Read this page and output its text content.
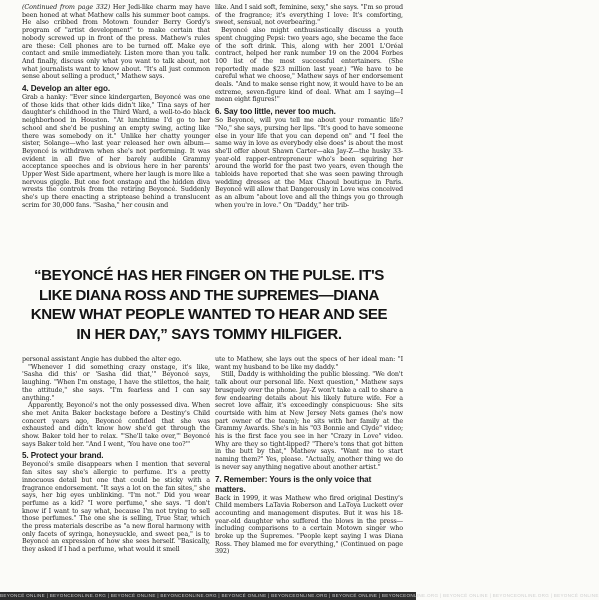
(Continued from page 332) Her Jedi-like charm may have been honed at what Mathew calls his summer boot camps. He also cribbed from Motown founder Berry Gordy's program of "artist development" to make certain that nobody screwed up in front of the press. Mathew's rules are these: Cell phones are to be turned off. Make eye contact and smile immediately. Listen more than you talk. And finally, discuss only what you want to talk about, not what journalists want to know about. "It's all just common sense about selling a product," Mathew says.

4. Develop an alter ego.

Grab a hanky: "Ever since kindergarten, Beyoncé was one of those kids that other kids didn't like," Tina says of her daughter's childhood in the Third Ward, a well-to-do black neighborhood in Houston. "At lunchtime I'd go to her school and she'd be pushing an empty swing, acting like there was somebody on it." Unlike her chatty younger sister, Solange—who last year released her own album—Beyoncé is withdrawn when she's not performing. It was evident in all five of her barely audible Grammy acceptance speeches and is obvious here in her parents' Upper West Side apartment, where her laugh is more like a nervous giggle. But one foot onstage and the hidden diva wrests the controls from the retiring Beyoncé. Suddenly she's up there enacting a striptease behind a translucent scrim for 30,000 fans. "Sasha," her cousin and

like. And I said soft, feminine, sexy," she says. "I'm so proud of the fragrance; it's everything I love: It's comforting, sweet, sensual, not overbearing."

Beyoncé also might enthusiastically discuss a youth spent chugging Pepsi: two years ago, she became the face of the soft drink. This, along with her 2001 L'Oréal contract, helped her rank number 19 on the 2004 Forbes 100 list of the most successful entertainers. (She reportedly made $23 million last year.) "We have to be careful what we choose," Mathew says of her endorsement deals. "And to make sense right now, it would have to be an extreme, seven-figure kind of deal. What am I saying—I mean eight figures!"

6. Say too little, never too much.

So Beyoncé, will you tell me about your romantic life? "No," she says, pursing her lips. "It's good to have someone else in your life that you can depend on" and "I feel the same way in love as everybody else does" is about the most she'll offer about Shawn Carter—aka Jay-Z—the husky 33-year-old rapper-entrepreneur who's been squiring her around the world for the past two years, even though the tabloids have reported that she was seen pawing through wedding dresses at the Max Chaoul boutique in Paris. Beyoncé will allow that Dangerously in Love was conceived as an album "about love and all the things you go through when you're in love." On "Daddy," her trib-

“BEYONCÉ HAS HER FINGER ON THE PULSE. IT'S LIKE DIANA ROSS AND THE SUPREMES—DIANA KNEW WHAT PEOPLE WANTED TO HEAR AND SEE IN HER DAY,” SAYS TOMMY HILFIGER.

personal assistant Angie has dubbed the alter ego.

"Whenever I did something crazy onstage, it's like, 'Sasha did this' or 'Sasha did that,'" Beyoncé says, laughing. "When I'm onstage, I have the stilettos, the hair, the attitude," she says. "I'm fearless and I can say anything."

Apparently, Beyoncé's not the only possessed diva. When she met Anita Baker backstage before a Destiny's Child concert years ago, Beyoncé confided that she was exhausted and didn't know how she'd get through the show. Baker told her to relax. "'She'll take over,'" Beyoncé says Baker told her. "And I went, 'You have one too?'"

5. Protect your brand.

Beyoncé's smile disappears when I mention that several fan sites say she's allergic to perfume. It's a pretty innocuous detail but one that could be sticky with a fragrance endorsement. "It says a lot on the fan sites," she says, her big eyes unblinking. "I'm not." Did you wear perfume as a kid? "I wore perfume," she says. "I don't know if I want to say what, because I'm not trying to sell those perfumes." The one she is selling, True Star, which the press materials describe as "a new floral harmony with only facets of syringa, honeysuckle, and sweet pea," is to Beyoncé an expression of how she sees herself. "Basically, they asked if I had a perfume, what would it smell

ute to Mathew, she lays out the specs of her ideal man: "I want my husband to be like my daddy."

Still, Daddy is withholding the public blessing. "We don't talk about our personal life. Next question," Mathew says brusquely over the phone. Jay-Z won't take a call to share a few endearing details about his likely future wife. For a secret love affair, it's exceedingly conspicuous: She sits courtside with him at New Jersey Nets games (he's now part owner of the team); he sits with her family at the Grammy Awards. She's in his "03 Bonnie and Clyde" video; his is the first face you see in her "Crazy in Love" video. Why are they so tight-lipped? "There's tons that got bitten in the butt by that," Mathew says. "Want me to start naming them?" Yes, please. "Actually, another thing we do is never say anything negative about another artist."

7. Remember: Yours is the only voice that matters.

Back in 1999, it was Mathew who fired original Destiny's Child members LaTavia Roberson and LaToya Luckett over accounting and management disputes. But it was his 18-year-old daughter who suffered the blows in the press—including comparisons to a certain Motown singer who broke up the Supremes. "People kept saying I was Diana Ross. They blamed me for everything," (Continued on page 392)

BEYONCÉ ONLINE | BEYONCEONLINE.ORG | BEYONCÉ ONLINE | BEYONCEONLINE.ORG | BEYONCÉ ONLINE | BEYONCEONLINE.ORG | BEYONCÉ ONLINE | BEYONCEONLINE.ORG | BEYONCÉ ONLINE | BEYONCEONLINE.ORG | BEYONCÉ ONLINE
